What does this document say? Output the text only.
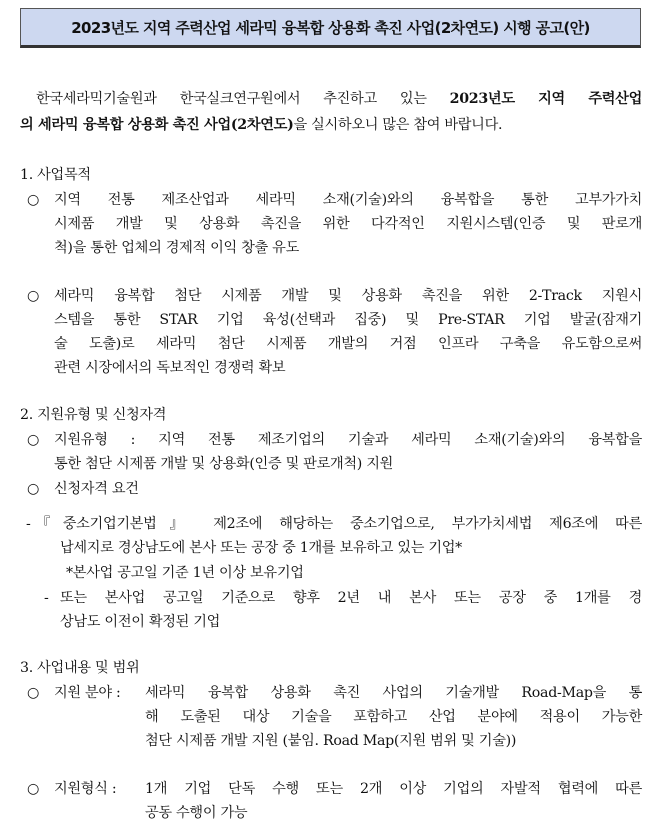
2023년도 지역 주력산업 세라믹 융복합 상용화 촉진 사업(2차연도) 시행 공고(안)
한국세라믹기술원과 한국실크연구원에서 추진하고 있는 2023년도 지역 주력산업
의 세라믹 융복합 상용화 촉진 사업(2차연도)을 실시하오니 많은 참여 바랍니다.
1. 사업목적
○ 지역 전통 제조산업과 세라믹 소재(기술)와의 융복합을 통한 고부가가치
시제품 개발 및 상용화 촉진을 위한 다각적인 지원시스템(인증 및 판로개
척)을 통한 업체의 경제적 이익 창출 유도
○ 세라믹 융복합 첨단 시제품 개발 및 상용화 촉진을 위한 2-Track 지원시
스템을 통한 STAR 기업 육성(선택과 집중) 및 Pre-STAR 기업 발굴(잠재기
술 도출)로 세라믹 첨단 시제품 개발의 거점 인프라 구축을 유도함으로써
관련 시장에서의 독보적인 경쟁력 확보
2. 지원유형 및 신청자격
○ 지원유형 : 지역 전통 제조기업의 기술과 세라믹 소재(기술)와의 융복합을
통한 첨단 시제품 개발 및 상용화(인증 및 판로개척) 지원
○ 신청자격 요건
- 『중소기업기본법』 제2조에 해당하는 중소기업으로, 부가가치세법 제6조에 따른
납세지로 경상남도에 본사 또는 공장 중 1개를 보유하고 있는 기업*
*본사업 공고일 기준 1년 이상 보유기업
- 또는 본사업 공고일 기준으로 향후 2년 내 본사 또는 공장 중 1개를 경
상남도 이전이 확정된 기업
3. 사업내용 및 범위
○ 지원 분야 : 세라믹 융복합 상용화 촉진 사업의 기술개발 Road-Map을 통
해 도출된 대상 기술을 포함하고 산업 분야에 적용이 가능한
첨단 시제품 개발 지원 (붙임. Road Map(지원 범위 및 기술))
○ 지원형식 : 1개 기업 단독 수행 또는 2개 이상 기업의 자발적 협력에 따른
공동 수행이 가능
